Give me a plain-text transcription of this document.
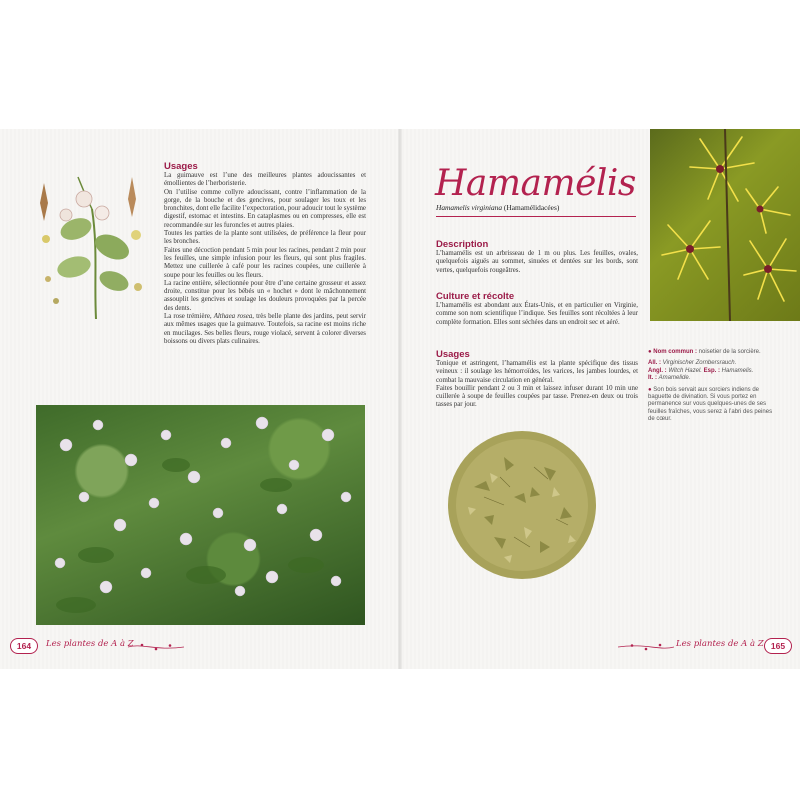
Usages

La guimauve est l’une des meilleures plantes adoucissantes et émollientes de l’herboristerie.

On l’utilise comme collyre adoucissant, contre l’inflammation de la gorge, de la bouche et des gencives, pour soulager les toux et les bronchites, dont elle facilite l’expectoration, pour adoucir tout le système digestif, estomac et intestins. En cataplasmes ou en compresses, elle est recommandée sur les furoncles et autres plaies.

Toutes les parties de la plante sont utilisées, de préférence la fleur pour les bronches.

Faites une décoction pendant 5 min pour les racines, pendant 2 min pour les feuilles, une simple infusion pour les fleurs, qui sont plus fragiles. Mettez une cuillerée à café pour les racines coupées, une cuillerée à soupe pour les feuilles ou les fleurs.

La racine entière, sélectionnée pour être d’une certaine grosseur et assez droite, constitue pour les bébés un « hochet » dont le mâchonnement assouplit les gencives et soulage les douleurs provoquées par la percée des dents.

La rose trémière, Althaea rosea, très belle plante des jardins, peut servir aux mêmes usages que la guimauve. Toutefois, sa racine est moins riche en mucilages. Ses belles fleurs, rouge violacé, servent à colorer diverses boissons ou divers plats culinaires.

164	Les plantes de A à Z
Hamamélis
Hamamelis virginiana (Hamamélidacées)
Description
L’hamamélis est un arbrisseau de 1 m ou plus. Les feuilles, ovales, quelquefois aiguës au sommet, sinuées et dentées sur les bords, sont vertes, quelquefois rougeâtres.
Culture et récolte
L’hamamélis est abondant aux États-Unis, et en particulier en Virginie, comme son nom scientifique l’indique. Ses feuilles sont récoltées à leur complète formation. Elles sont séchées dans un endroit sec et aéré.
Usages

Tonique et astringent, l’hamamélis est la plante spécifique des tissus veineux : il soulage les hémorroïdes, les varices, les jambes lourdes, et combat la mauvaise circulation en général.

Faites bouillir pendant 2 ou 3 min et laissez infuser durant 10 min une cuillerée à soupe de feuilles coupées par tasse. Prenez-en deux ou trois tasses par jour.

● Nom commun : noisetier de la sorcière.
All. : Virginischer Zornbersrauch.
Angl. : Witch Hazel. Esp. : Hamamelis.
It. : Amamelide.
● Son bois servait aux sorciers indiens de baguette de divination. Si vous portez en permanence sur vous quelques-unes de ses feuilles fraîches, vous serez à l’abri des peines de cœur.
Les plantes de A à Z 165
